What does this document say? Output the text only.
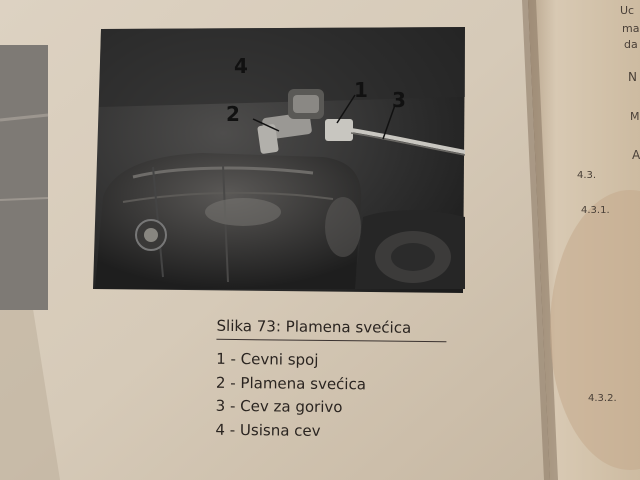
4
1 3
2
Slika 73: Plamena svećica
1 - Cevni spoj
2 - Plamena svećica
3 - Cev za gorivo
4 - Usisna cev
Uc
ma
da
N
M
A
4.3.
4.3.1.
4.3.2.
